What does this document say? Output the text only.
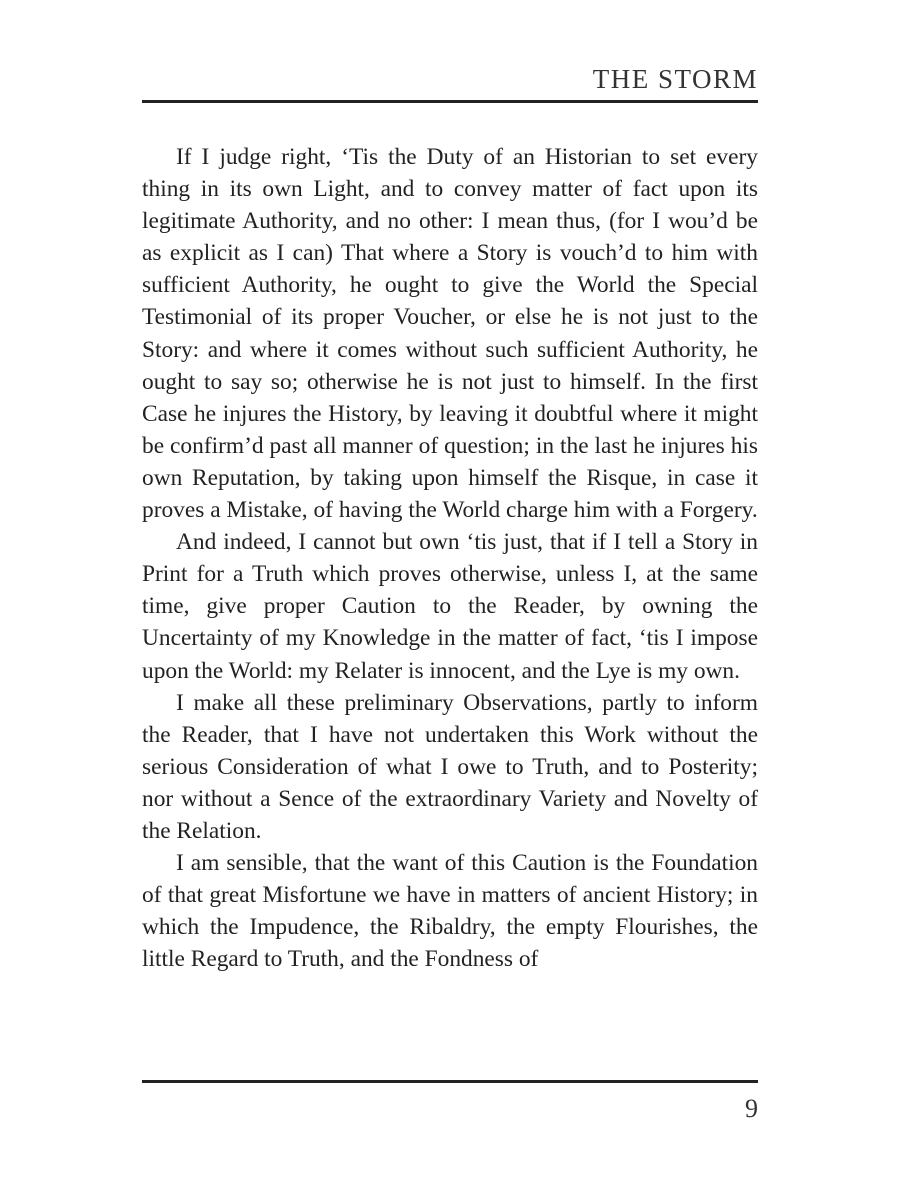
THE STORM

If I judge right, ‘Tis the Duty of an Historian to set every thing in its own Light, and to convey matter of fact upon its legitimate Authority, and no other: I mean thus, (for I wou’d be as explicit as I can) That where a Story is vouch’d to him with sufficient Authority, he ought to give the World the Special Testimonial of its proper Voucher, or else he is not just to the Story: and where it comes without such sufficient Authority, he ought to say so; otherwise he is not just to himself. In the first Case he injures the History, by leaving it doubtful where it might be confirm’d past all manner of question; in the last he injures his own Reputation, by taking upon himself the Risque, in case it proves a Mistake, of having the World charge him with a Forgery.

And indeed, I cannot but own ‘tis just, that if I tell a Story in Print for a Truth which proves otherwise, unless I, at the same time, give proper Caution to the Reader, by owning the Uncertainty of my Knowledge in the matter of fact, ‘tis I impose upon the World: my Relater is innocent, and the Lye is my own.

I make all these preliminary Observations, partly to inform the Reader, that I have not undertaken this Work without the serious Consideration of what I owe to Truth, and to Posterity; nor without a Sence of the extraordinary Variety and Novelty of the Relation.

I am sensible, that the want of this Caution is the Foundation of that great Misfortune we have in matters of ancient History; in which the Impudence, the Ribaldry, the empty Flourishes, the little Regard to Truth, and the Fondness of

9
